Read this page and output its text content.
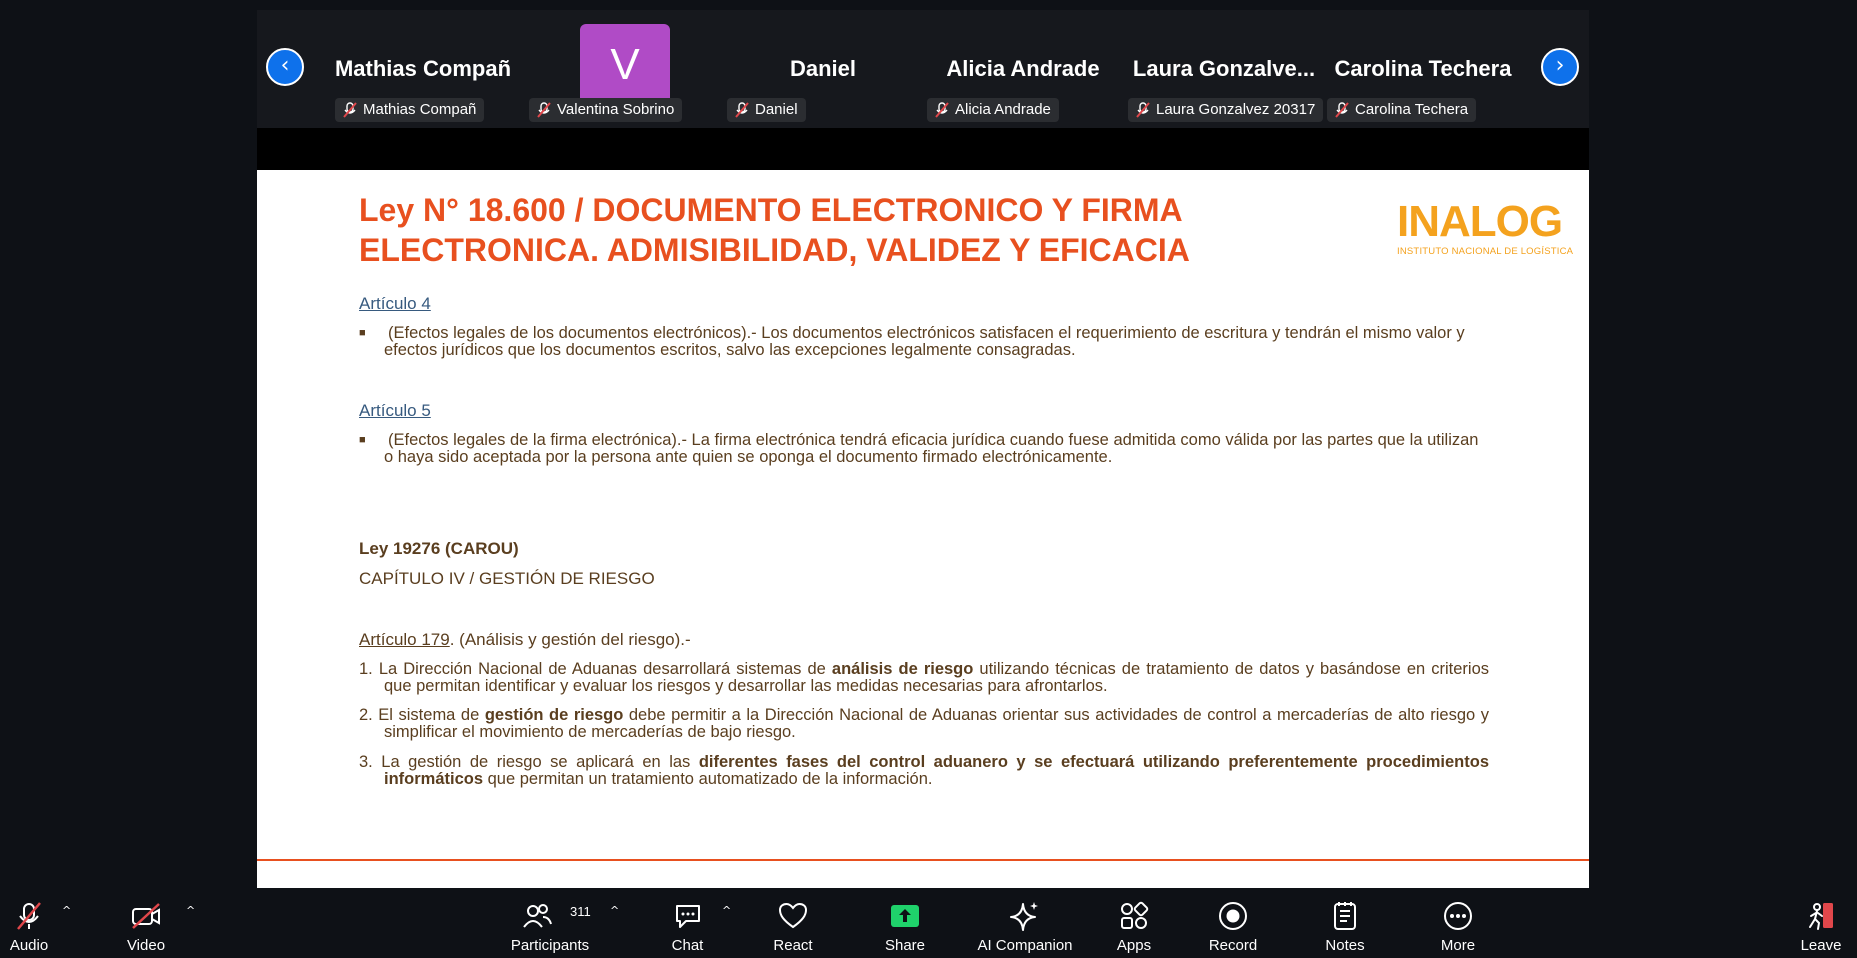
‹	›
Mathias Compañ
Mathias Compañ
V
Valentina Sobrino
Daniel
Daniel
Alicia Andrade
Alicia Andrade
Laura Gonzalve...
Laura Gonzalvez 20317
Carolina Techera
Carolina Techera
Ley N° 18.600 / DOCUMENTO ELECTRONICO Y FIRMA
ELECTRONICA. ADMISIBILIDAD, VALIDEZ Y EFICACIA
INALOG
INSTITUTO NACIONAL DE LOGÍSTICA
Artículo 4
■	(Efectos legales de los documentos electrónicos).- Los documentos electrónicos satisfacen el requerimiento de escritura y tendrán el mismo valor y efectos jurídicos que los documentos escritos, salvo las excepciones legalmente consagradas.
Artículo 5
■	(Efectos legales de la firma electrónica).- La firma electrónica tendrá eficacia jurídica cuando fuese admitida como válida por las partes que la utilizan o haya sido aceptada por la persona ante quien se oponga el documento firmado electrónicamente.
Ley 19276 (CAROU)
CAPÍTULO IV / GESTIÓN DE RIESGO
Artículo 179. (Análisis y gestión del riesgo).-
1. La Dirección Nacional de Aduanas desarrollará sistemas de análisis de riesgo utilizando técnicas de tratamiento de datos y basándose en criterios que permitan identificar y evaluar los riesgos y desarrollar las medidas necesarias para afrontarlos.
2. El sistema de gestión de riesgo debe permitir a la Dirección Nacional de Aduanas orientar sus actividades de control a mercaderías de alto riesgo y simplificar el movimiento de mercaderías de bajo riesgo.
3. La gestión de riesgo se aplicará en las diferentes fases del control aduanero y se efectuará utilizando preferentemente procedimientos informáticos que permitan un tratamiento automatizado de la información.
Audio
^
Video
^
Participants
311 ^
Chat
^
React	Share	AI Companion	Apps	Record	Notes	More	Leave
